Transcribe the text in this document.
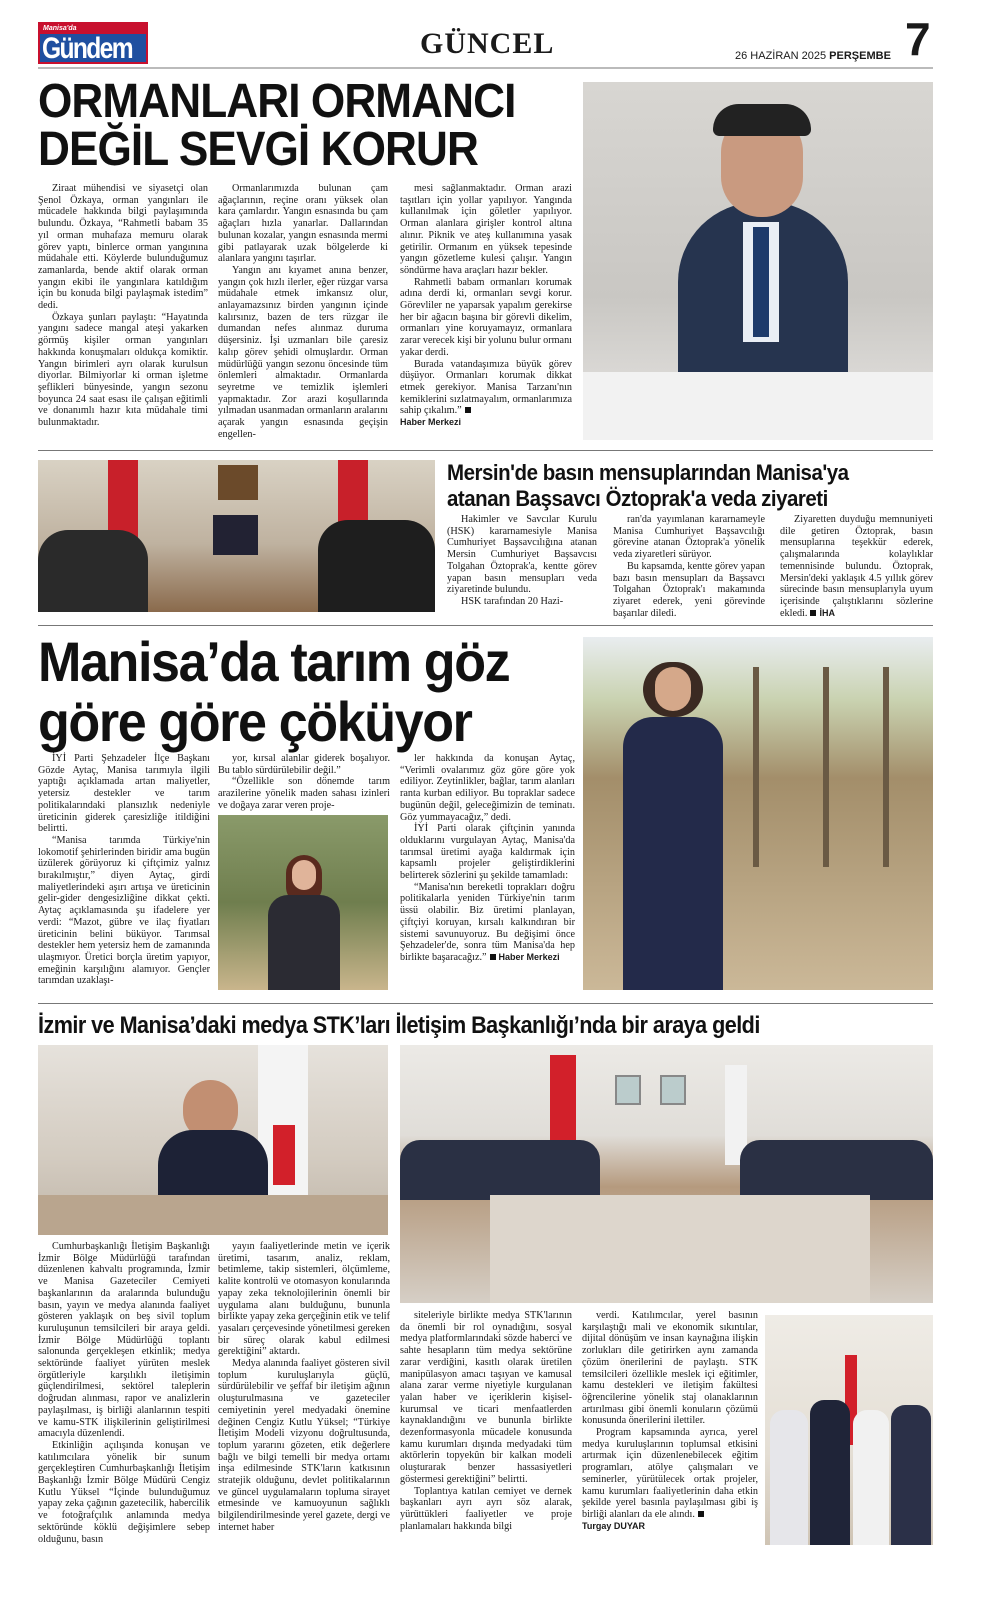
Manisa'da
Gündem	GÜNCEL	26 HAZİRAN 2025 PERŞEMBE 7
ORMANLARI ORMANCI
DEĞİL SEVGİ KORUR

Ziraat mühendisi ve siyasetçi olan Şenol Özkaya, orman yangınları ile mücadele hakkında bilgi paylaşımında bulundu. Özkaya, “Rahmetli babam 35 yıl orman muhafaza memuru olarak görev yaptı, binlerce orman yangınına müdahale etti. Köylerde bulunduğumuz zamanlarda, bende aktif olarak orman yangın ekibi ile yangınlara katıldığım için bu konuda bilgi paylaşmak istedim” dedi.

Özkaya şunları paylaştı: “Hayatında yangını sadece mangal ateşi yakarken görmüş kişiler orman yangınları hakkında konuşmaları oldukça komiktir. Yangın birimleri ayrı olarak kurulsun diyorlar. Bilmiyorlar ki orman işletme şeflikleri bünyesinde, yangın sezonu boyunca 24 saat esası ile çalışan eğitimli ve donanımlı hazır kıta müdahale timi bulunmaktadır.

Ormanlarımızda bulunan çam ağaçlarının, reçine oranı yüksek olan kara çamlardır. Yangın esnasında bu çam ağaçları hızla yanarlar. Dallarından bulunan kozalar, yangın esnasında mermi gibi patlayarak uzak bölgelerde ki alanlara yangını taşırlar.

Yangın anı kıyamet anına benzer, yangın çok hızlı ilerler, eğer rüzgar varsa müdahale etmek imkansız olur, anlayamazsınız birden yangının içinde kalırsınız, bazen de ters rüzgar ile dumandan nefes alınmaz duruma düşersiniz. İşi uzmanları bile çaresiz kalıp görev şehidi olmuşlardır. Orman müdürlüğü yangın sezonu öncesinde tüm önlemleri almaktadır. Ormanlarda seyretme ve temizlik işlemleri yapmaktadır. Zor arazi koşullarında yılmadan usanmadan ormanların aralarını açarak yangın esnasında geçişin engellen-

mesi sağlanmaktadır. Orman arazi taşıtları için yollar yapılıyor. Yangında kullanılmak için göletler yapılıyor. Orman alanlara girişler kontrol altına alınır. Piknik ve ateş kullanımına yasak getirilir. Ormanım en yüksek tepesinde yangın gözetleme kulesi çalışır. Yangın söndürme hava araçları hazır bekler.

Rahmetli babam ormanları korumak adına derdi ki, ormanları sevgi korur. Görevliler ne yaparsak yapalım gerekirse her bir ağacın başına bir görevli dikelim, ormanları yine koruyamayız, ormanlara zarar verecek kişi bir yolunu bulur ormanı yakar derdi.

Burada vatandaşımıza büyük görev düşüyor. Ormanları korumak dikkat etmek gerekiyor. Manisa Tarzanı'nın kemiklerini sızlatmayalım, ormanlarımıza sahip çıkalım.”

Haber Merkezi
Mersin'de basın mensuplarından Manisa'ya
atanan Başsavcı Öztoprak'a veda ziyareti

Hakimler ve Savcılar Kurulu (HSK) kararnamesiyle Manisa Cumhuriyet Başsavcılığına atanan Mersin Cumhuriyet Başsavcısı Tolgahan Öztoprak'a, kentte görev yapan basın mensupları veda ziyaretinde bulundu.

HSK tarafından 20 Hazi-

ran'da yayımlanan kararnameyle Manisa Cumhuriyet Başsavcılığı görevine atanan Öztoprak'a yönelik veda ziyaretleri sürüyor.

Bu kapsamda, kentte görev yapan bazı basın mensupları da Başsavcı Tolgahan Öztoprak'ı makamında ziyaret ederek, yeni görevinde başarılar diledi.

Ziyaretten duyduğu memnuniyeti dile getiren Öztoprak, basın mensuplarına teşekkür ederek, çalışmalarında kolaylıklar temennisinde bulundu. Öztoprak, Mersin'deki yaklaşık 4.5 yıllık görev sürecinde basın mensuplarıyla uyum içerisinde çalıştıklarını sözlerine ekledi. İHA

Manisa’da tarım göz
göre göre çöküyor

İYİ Parti Şehzadeler İlçe Başkanı Gözde Aytaç, Manisa tarımıyla ilgili yaptığı açıklamada artan maliyetler, yetersiz destekler ve tarım politikalarındaki plansızlık nedeniyle üreticinin giderek çaresizliğe itildiğini belirtti.

“Manisa tarımda Türkiye'nin lokomotif şehirlerinden biridir ama bugün üzülerek görüyoruz ki çiftçimiz yalnız bırakılmıştır,” diyen Aytaç, girdi maliyetlerindeki aşırı artışa ve üreticinin gelir-gider dengesizliğine dikkat çekti. Aytaç açıklamasında şu ifadelere yer verdi: “Mazot, gübre ve ilaç fiyatları üreticinin belini büküyor. Tarımsal destekler hem yetersiz hem de zamanında ulaşmıyor. Üretici borçla üretim yapıyor, emeğinin karşılığını alamıyor. Gençler tarımdan uzaklaşı-

yor, kırsal alanlar giderek boşalıyor. Bu tablo sürdürülebilir değil.”

“Özellikle son dönemde tarım arazilerine yönelik maden sahası izinleri ve doğaya zarar veren proje-

ler hakkında da konuşan Aytaç, “Verimli ovalarımız göz göre göre yok ediliyor. Zeytinlikler, bağlar, tarım alanları ranta kurban ediliyor. Bu topraklar sadece bugünün değil, geleceğimizin de teminatı. Göz yummayacağız,” dedi.

İYİ Parti olarak çiftçinin yanında olduklarını vurgulayan Aytaç, Manisa'da tarımsal üretimi ayağa kaldırmak için kapsamlı projeler geliştirdiklerini belirterek sözlerini şu şekilde tamamladı:

“Manisa'nın bereketli toprakları doğru politikalarla yeniden Türkiye'nin tarım üssü olabilir. Biz üretimi planlayan, çiftçiyi koruyan, kırsalı kalkındıran bir sistemi savunuyoruz. Bu değişimi önce Şehzadeler'de, sonra tüm Manisa'da hep birlikte başaracağız.” Haber Merkezi

İzmir ve Manisa’daki medya STK’ları İletişim Başkanlığı’nda bir araya geldi

Cumhurbaşkanlığı İletişim Başkanlığı İzmir Bölge Müdürlüğü tarafından düzenlenen kahvaltı programında, İzmir ve Manisa Gazeteciler Cemiyeti başkanlarının da aralarında bulunduğu basın, yayın ve medya alanında faaliyet gösteren yaklaşık on beş sivil toplum kuruluşunun temsilcileri bir araya geldi. İzmir Bölge Müdürlüğü toplantı salonunda gerçekleşen etkinlik; medya sektöründe faaliyet yürüten meslek örgütleriyle karşılıklı iletişimin güçlendirilmesi, sektörel taleplerin doğrudan alınması, rapor ve analizlerin paylaşılması, iş birliği alanlarının tespiti ve kamu-STK ilişkilerinin geliştirilmesi amacıyla düzenlendi.

Etkinliğin açılışında konuşan ve katılımcılara yönelik bir sunum gerçekleştiren Cumhurbaşkanlığı İletişim Başkanlığı İzmir Bölge Müdürü Cengiz Kutlu Yüksel “İçinde bulunduğumuz yapay zeka çağının gazetecilik, habercilik ve fotoğrafçılık anlamında medya sektöründe köklü değişimlere sebep olduğunu, basın

yayın faaliyetlerinde metin ve içerik üretimi, tasarım, analiz, reklam, betimleme, takip sistemleri, ölçümleme, kalite kontrolü ve otomasyon konularında yapay zeka teknolojilerinin önemli bir uygulama alanı bulduğunu, bununla birlikte yapay zeka gerçeğinin etik ve telif yasaları çerçevesinde yönetilmesi gereken bir süreç olarak kabul edilmesi gerektiğini” aktardı.

Medya alanında faaliyet gösteren sivil toplum kuruluşlarıyla güçlü, sürdürülebilir ve şeffaf bir iletişim ağının oluşturulmasına ve gazeteciler cemiyetinin yerel medyadaki önemine değinen Cengiz Kutlu Yüksel; “Türkiye İletişim Modeli vizyonu doğrultusunda, toplum yararını gözeten, etik değerlere bağlı ve bilgi temelli bir medya ortamı inşa edilmesinde STK'ların katkısının stratejik olduğunu, devlet politikalarının ve güncel uygulamaların topluma sirayet etmesinde ve kamuoyunun sağlıklı bilgilendirilmesinde yerel gazete, dergi ve internet haber

siteleriyle birlikte medya STK'larının da önemli bir rol oynadığını, sosyal medya platformlarındaki sözde haberci ve sahte hesapların tüm medya sektörüne zarar verdiğini, kasıtlı olarak üretilen manipülasyon amacı taşıyan ve kamusal alana zarar verme niyetiyle kurgulanan yalan haber ve içeriklerin kişisel-kurumsal ve ticari menfaatlerden kaynaklandığını ve bununla birlikte dezenformasyonla mücadele konusunda kamu kurumları dışında medyadaki tüm aktörlerin topyekûn bir kalkan modeli oluşturarak benzer hassasiyetleri göstermesi gerektiğini” belirtti.

Toplantıya katılan cemiyet ve dernek başkanları ayrı ayrı söz alarak, yürüttükleri faaliyetler ve proje planlamaları hakkında bilgi

verdi. Katılımcılar, yerel basının karşılaştığı mali ve ekonomik sıkıntılar, dijital dönüşüm ve insan kaynağına ilişkin zorlukları dile getirirken aynı zamanda çözüm önerilerini de paylaştı. STK temsilcileri özellikle meslek içi eğitimler, kamu destekleri ve iletişim fakültesi öğrencilerine yönelik staj olanaklarının artırılması gibi önemli konuların çözümü konusunda önerilerini ilettiler.

Program kapsamında ayrıca, yerel medya kuruluşlarının toplumsal etkisini artırmak için düzenlenebilecek eğitim programları, atölye çalışmaları ve seminerler, yürütülecek ortak projeler, kamu kurumları faaliyetlerinin daha etkin şekilde yerel basınla paylaşılması gibi iş birliği alanları da ele alındı.

Turgay DUYAR
